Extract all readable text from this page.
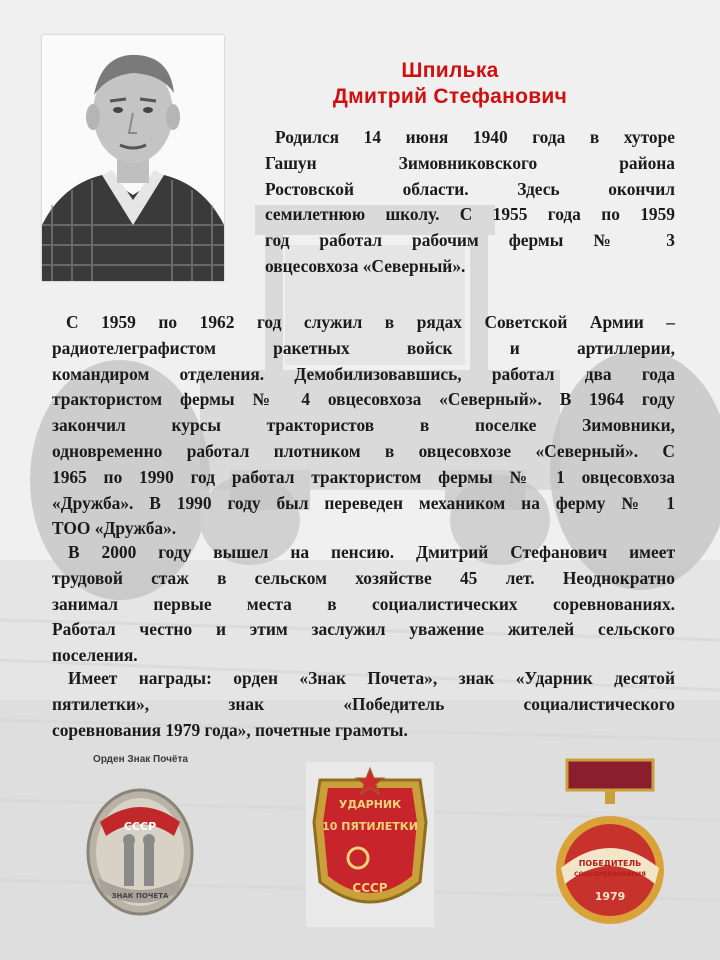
Шпилька
Дмитрий Стефанович
Родился 14 июня 1940 года в хуторе
Гашун Зимовниковского района
Ростовской области. Здесь окончил
семилетнюю школу. С 1955 года по 1959
год работал рабочим фермы № 3
овцесовхоза «Северный».
С 1959 по 1962 год служил в рядах Советской Армии –
радиотелеграфистом ракетных войск и артиллерии,
командиром отделения. Демобилизовавшись, работал два года
трактористом фермы № 4 овцесовхоза «Северный». В 1964 году
закончил курсы трактористов в поселке Зимовники,
одновременно работал плотником в овцесовхозе «Северный». С
1965 по 1990 год работал трактористом фермы № 1 овцесовхоза
«Дружба». В 1990 году был переведен механиком на ферму № 1
ТОО «Дружба».
В 2000 году вышел на пенсию. Дмитрий Стефанович имеет
трудовой стаж в сельском хозяйстве 45 лет. Неоднократно
занимал первые места в социалистических соревнованиях.
Работал честно и этим заслужил уважение жителей сельского
поселения.
Имеет награды: орден «Знак Почета», знак «Ударник десятой
пятилетки», знак «Победитель социалистического
соревнования 1979 года», почетные грамоты.
СССР
ЗНАК ПОЧЕТА
Орден Знак Почёта
УДАРНИК
10 ПЯТИЛЕТКИ
СССР
ПОБЕДИТЕЛЬ
СОЦСОРЕВНОВАНИЯ
1979
